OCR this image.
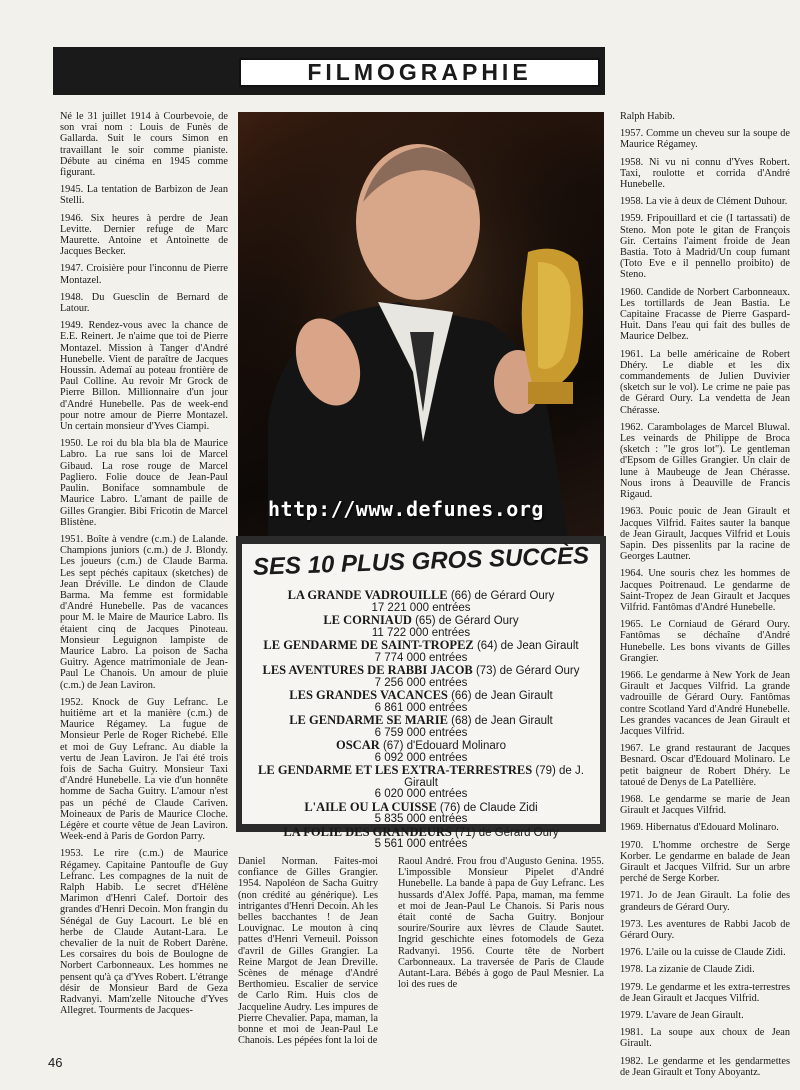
FILMOGRAPHIE

Né le 31 juillet 1914 à Courbevoie, de son vrai nom : Louis de Funès de Gallarda. Suit le cours Simon en travaillant le soir comme pianiste. Débute au cinéma en 1945 comme figurant.

1945. La tentation de Barbizon de Jean Stelli.

1946. Six heures à perdre de Jean Levitte. Dernier refuge de Marc Maurette. Antoine et Antoinette de Jacques Becker.

1947. Croisière pour l'inconnu de Pierre Montazel.

1948. Du Guesclin de Bernard de Latour.

1949. Rendez-vous avec la chance de E.E. Reinert. Je n'aime que toi de Pierre Montazel. Mission à Tanger d'André Hunebelle. Vient de paraître de Jacques Houssin. Ademaï au poteau frontière de Paul Colline. Au revoir Mr Grock de Pierre Billon. Millionnaire d'un jour d'André Hunebelle. Pas de week-end pour notre amour de Pierre Montazel. Un certain monsieur d'Yves Ciampi.

1950. Le roi du bla bla bla de Maurice Labro. La rue sans loi de Marcel Gibaud. La rose rouge de Marcel Pagliero. Folie douce de Jean-Paul Paulin. Boniface somnambule de Maurice Labro. L'amant de paille de Gilles Grangier. Bibi Fricotin de Marcel Blistène.

1951. Boîte à vendre (c.m.) de Lalande. Champions juniors (c.m.) de J. Blondy. Les joueurs (c.m.) de Claude Barma. Les sept péchés capitaux (sketches) de Jean Dréville. Le dindon de Claude Barma. Ma femme est formidable d'André Hunebelle. Pas de vacances pour M. le Maire de Maurice Labro. Ils étaient cinq de Jacques Pinoteau. Monsieur Leguignon lampiste de Maurice Labro. La poison de Sacha Guitry. Agence matrimoniale de Jean-Paul Le Chanois. Un amour de pluie (c.m.) de Jean Laviron.

1952. Knock de Guy Lefranc. Le huitième art et la manière (c.m.) de Maurice Régamey. La fugue de Monsieur Perle de Roger Richebé. Elle et moi de Guy Lefranc. Au diable la vertu de Jean Laviron. Je l'ai été trois fois de Sacha Guitry. Monsieur Taxi d'André Hunebelle. La vie d'un honnête homme de Sacha Guitry. L'amour n'est pas un péché de Claude Cariven. Moineaux de Paris de Maurice Cloche. Légère et courte vêtue de Jean Laviron. Week-end à Paris de Gordon Parry.

1953. Le rire (c.m.) de Maurice Régamey. Capitaine Pantoufle de Guy Lefranc. Les compagnes de la nuit de Ralph Habib. Le secret d'Hélène Marimon d'Henri Calef. Dortoir des grandes d'Henri Decoin. Mon frangin du Sénégal de Guy Lacourt. Le blé en herbe de Claude Autant-Lara. Le chevalier de la nuit de Robert Darène. Les corsaires du bois de Boulogne de Norbert Carbonneaux. Les hommes ne pensent qu'à ça d'Yves Robert. L'étrange désir de Monsieur Bard de Geza Radvanyi. Mam'zelle Nitouche d'Yves Allegret. Tourments de Jacques-

http://www.defunes.org
SES 10 PLUS GROS SUCCÈS
LA GRANDE VADROUILLE (66) de Gérard Oury
17 221 000 entrées
LE CORNIAUD (65) de Gérard Oury
11 722 000 entrées
LE GENDARME DE SAINT-TROPEZ (64) de Jean Girault
7 774 000 entrées
LES AVENTURES DE RABBI JACOB (73) de Gérard Oury
7 256 000 entrées
LES GRANDES VACANCES (66) de Jean Girault
6 861 000 entrées
LE GENDARME SE MARIE (68) de Jean Girault
6 759 000 entrées
OSCAR (67) d'Edouard Molinaro
6 092 000 entrées
LE GENDARME ET LES EXTRA-TERRESTRES (79) de J. Girault
6 020 000 entrées
L'AILE OU LA CUISSE (76) de Claude Zidi
5 835 000 entrées
LA FOLIE DES GRANDEURS (71) de Gérard Oury
5 561 000 entrées

Daniel Norman. Faites-moi confiance de Gilles Grangier. 1954. Napoléon de Sacha Guitry (non crédité au générique). Les intrigantes d'Henri Decoin. Ah les belles bacchantes ! de Jean Louvignac. Le mouton à cinq pattes d'Henri Verneuil. Poisson d'avril de Gilles Grangier. La Reine Margot de Jean Dreville. Scènes de ménage d'André Berthomieu. Escalier de service de Carlo Rim. Huis clos de Jacqueline Audry. Les impures de Pierre Chevalier. Papa, maman, la bonne et moi de Jean-Paul Le Chanois. Les pépées font la loi de

Raoul André. Frou frou d'Augusto Genina. 1955. L'impossible Monsieur Pipelet d'André Hunebelle. La bande à papa de Guy Lefranc. Les hussards d'Alex Joffé. Papa, maman, ma femme et moi de Jean-Paul Le Chanois. Si Paris nous était conté de Sacha Guitry. Bonjour sourire/Sourire aux lèvres de Claude Sautet. Ingrid geschichte eines fotomodels de Geza Radvanyi. 1956. Courte tête de Norbert Carbonneaux. La traversée de Paris de Claude Autant-Lara. Bébés à gogo de Paul Mesnier. La loi des rues de

Ralph Habib.

1957. Comme un cheveu sur la soupe de Maurice Régamey.

1958. Ni vu ni connu d'Yves Robert. Taxi, roulotte et corrida d'André Hunebelle.

1958. La vie à deux de Clément Duhour.

1959. Fripouillard et cie (I tartassati) de Steno. Mon pote le gitan de François Gir. Certains l'aiment froide de Jean Bastia. Toto à Madrid/Un coup fumant (Toto Eve e il pennello proibito) de Steno.

1960. Candide de Norbert Carbonneaux. Les tortillards de Jean Bastia. Le Capitaine Fracasse de Pierre Gaspard-Huit. Dans l'eau qui fait des bulles de Maurice Delbez.

1961. La belle américaine de Robert Dhéry. Le diable et les dix commandements de Julien Duvivier (sketch sur le vol). Le crime ne paie pas de Gérard Oury. La vendetta de Jean Chérasse.

1962. Carambolages de Marcel Bluwal. Les veinards de Philippe de Broca (sketch : "le gros lot"). Le gentleman d'Epsom de Gilles Grangier. Un clair de lune à Maubeuge de Jean Chérasse. Nous irons à Deauville de Francis Rigaud.

1963. Pouic pouic de Jean Girault et Jacques Vilfrid. Faites sauter la banque de Jean Girault, Jacques Vilfrid et Louis Sapin. Des pissenlits par la racine de Georges Lautner.

1964. Une souris chez les hommes de Jacques Poitrenaud. Le gendarme de Saint-Tropez de Jean Girault et Jacques Vilfrid. Fantômas d'André Hunebelle.

1965. Le Corniaud de Gérard Oury. Fantômas se déchaîne d'André Hunebelle. Les bons vivants de Gilles Grangier.

1966. Le gendarme à New York de Jean Girault et Jacques Vilfrid. La grande vadrouille de Gérard Oury. Fantômas contre Scotland Yard d'André Hunebelle. Les grandes vacances de Jean Girault et Jacques Vilfrid.

1967. Le grand restaurant de Jacques Besnard. Oscar d'Edouard Molinaro. Le petit baigneur de Robert Dhéry. Le tatoué de Denys de La Patellière.

1968. Le gendarme se marie de Jean Girault et Jacques Vilfrid.

1969. Hibernatus d'Edouard Molinaro.

1970. L'homme orchestre de Serge Korber. Le gendarme en balade de Jean Girault et Jacques Vilfrid. Sur un arbre perché de Serge Korber.

1971. Jo de Jean Girault. La folie des grandeurs de Gérard Oury.

1973. Les aventures de Rabbi Jacob de Gérard Oury.

1976. L'aile ou la cuisse de Claude Zidi.

1978. La zizanie de Claude Zidi.

1979. Le gendarme et les extra-terrestres de Jean Girault et Jacques Vilfrid.

1979. L'avare de Jean Girault.

1981. La soupe aux choux de Jean Girault.

1982. Le gendarme et les gendarmettes de Jean Girault et Tony Aboyantz.

46
